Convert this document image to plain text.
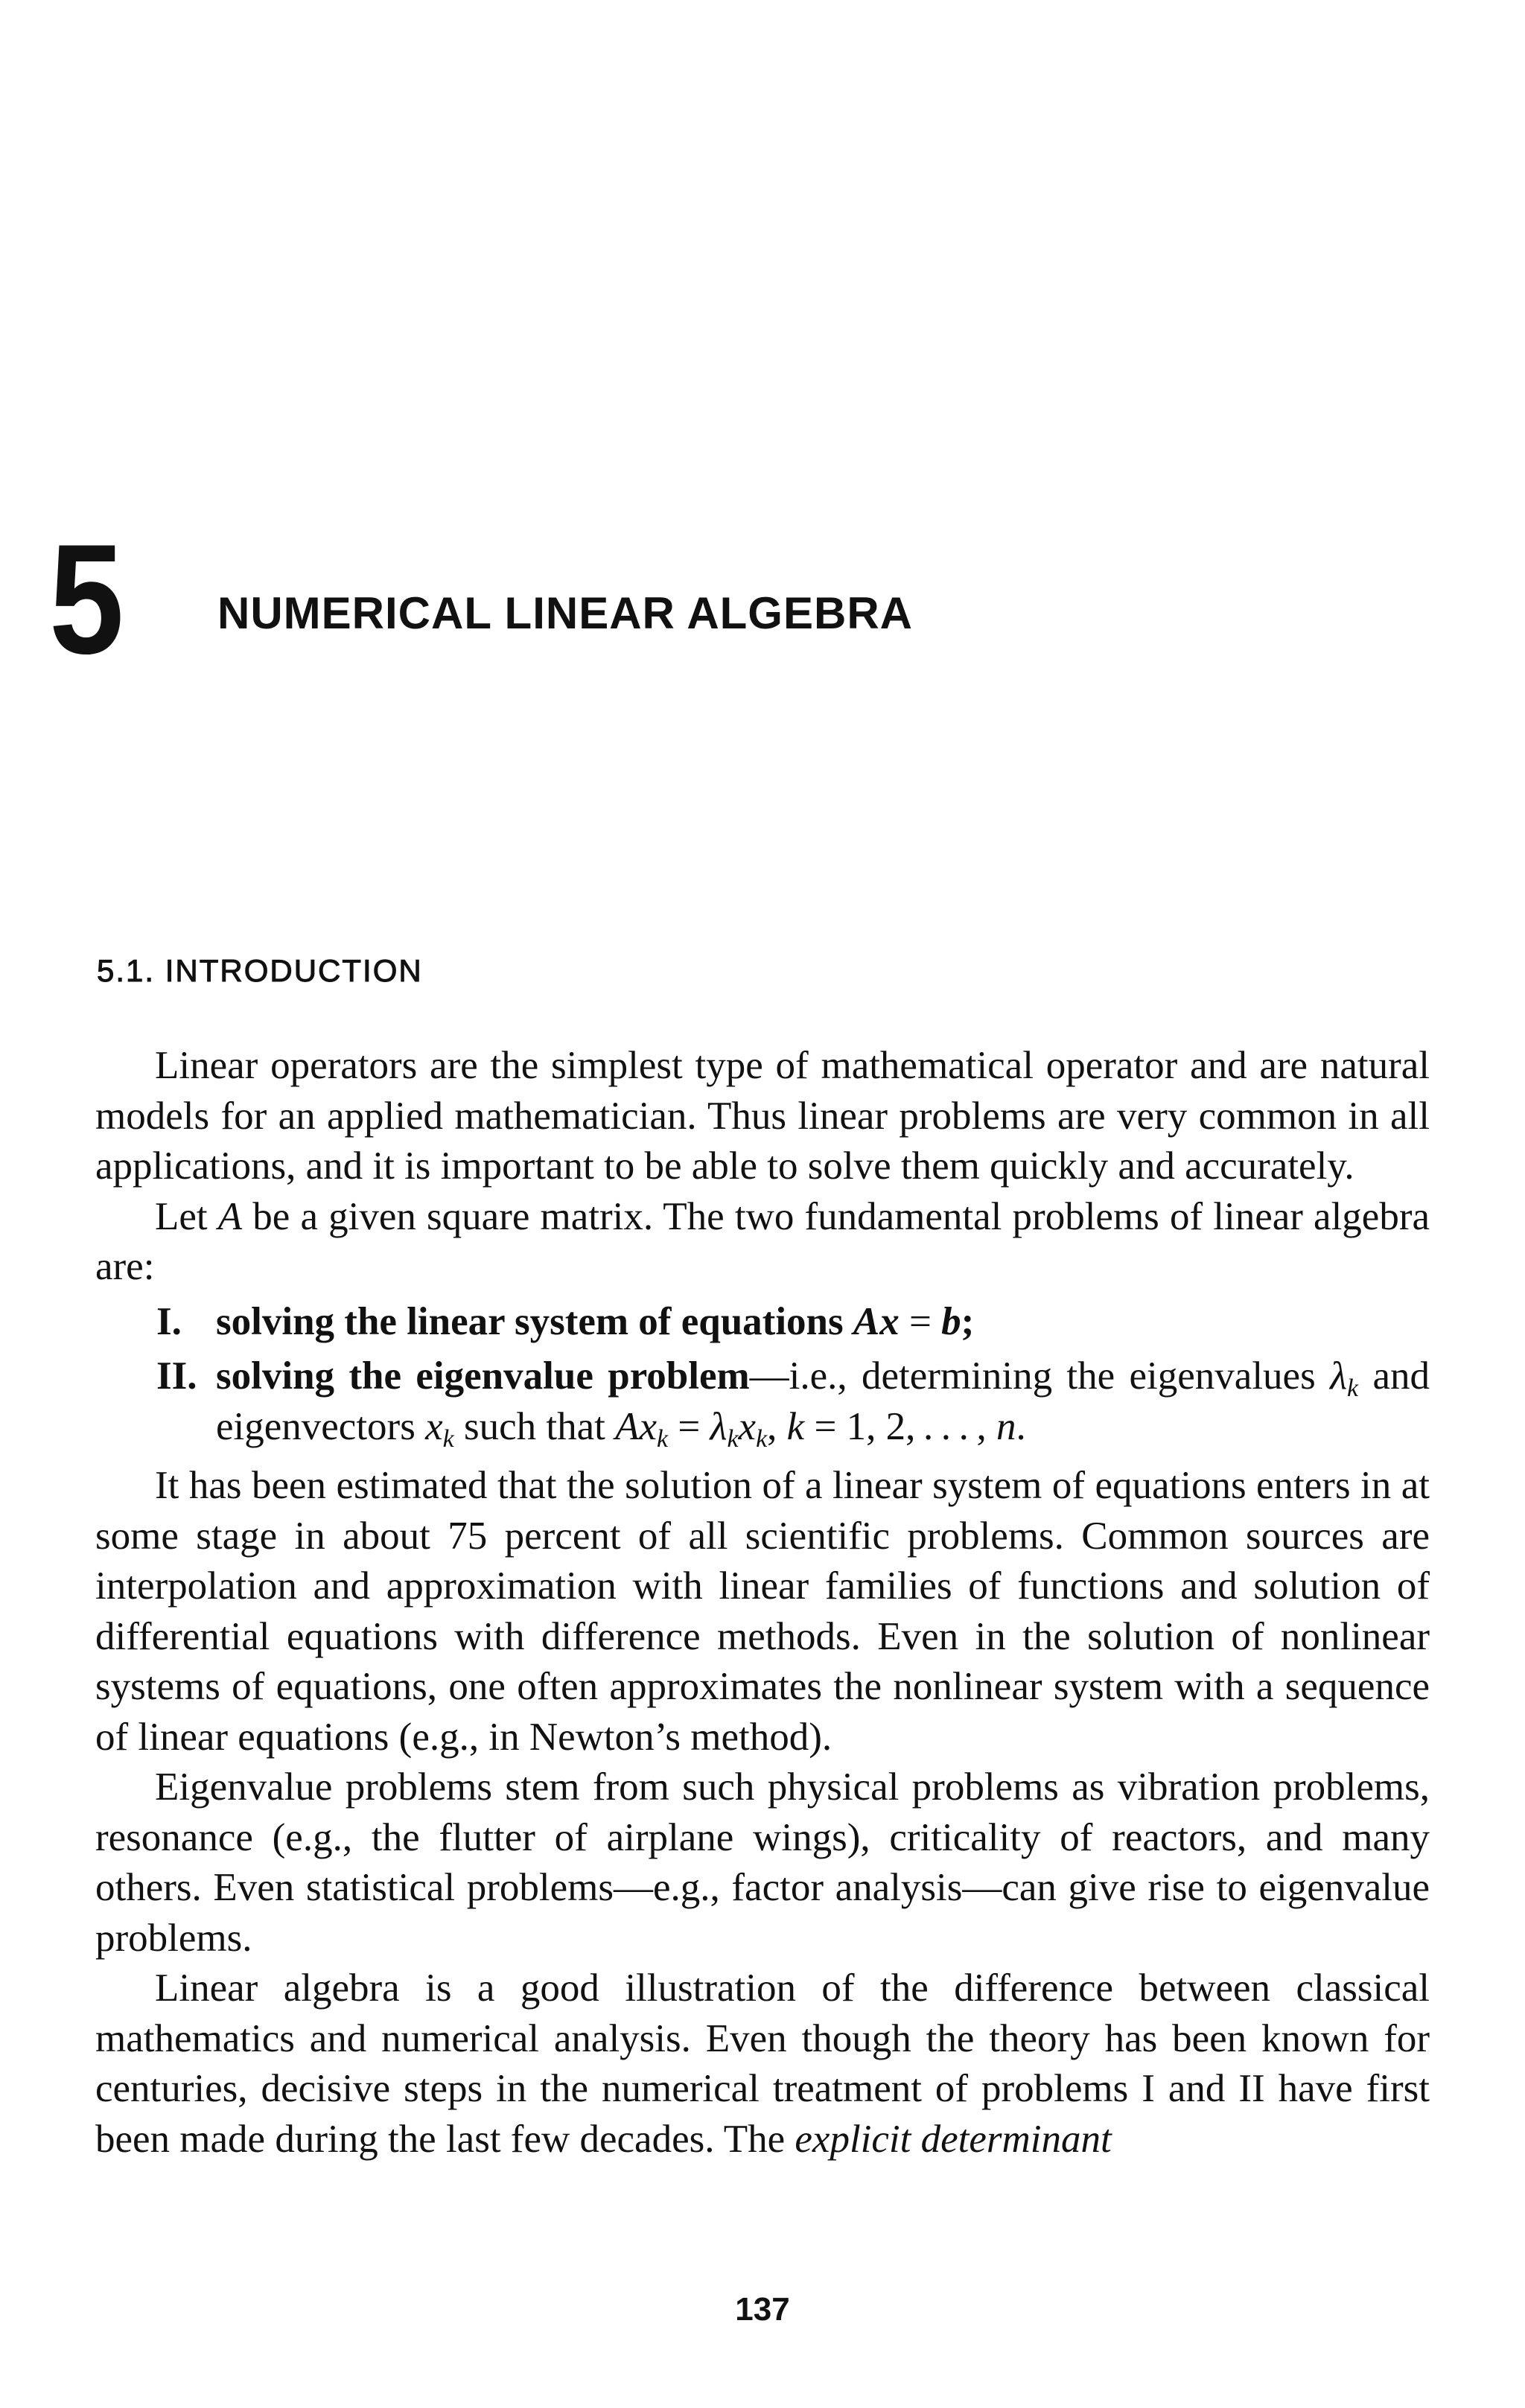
5 NUMERICAL LINEAR ALGEBRA
5.1. INTRODUCTION

Linear operators are the simplest type of mathematical operator and are natural models for an applied mathematician. Thus linear problems are very common in all applications, and it is important to be able to solve them quickly and accurately.

Let A be a given square matrix. The two fundamental problems of linear algebra are:

I. solving the linear system of equations Ax = b;
II. solving the eigenvalue problem—i.e., determining the eigenvalues $\lambda_k$ and eigenvectors $x_k$ such that $Ax_k = \lambda_kx_k$, k = 1, 2, . . . , n.

It has been estimated that the solution of a linear system of equations enters in at some stage in about 75 percent of all scientific problems. Common sources are interpolation and approximation with linear families of functions and solution of differential equations with difference methods. Even in the solution of nonlinear systems of equations, one often approximates the nonlinear system with a sequence of linear equations (e.g., in Newton’s method).

Eigenvalue problems stem from such physical problems as vibration problems, resonance (e.g., the flutter of airplane wings), criticality of reactors, and many others. Even statistical problems—e.g., factor analysis—can give rise to eigenvalue problems.

Linear algebra is a good illustration of the difference between classical mathematics and numerical analysis. Even though the theory has been known for centuries, decisive steps in the numerical treatment of problems I and II have first been made during the last few decades. The explicit determinant

137
